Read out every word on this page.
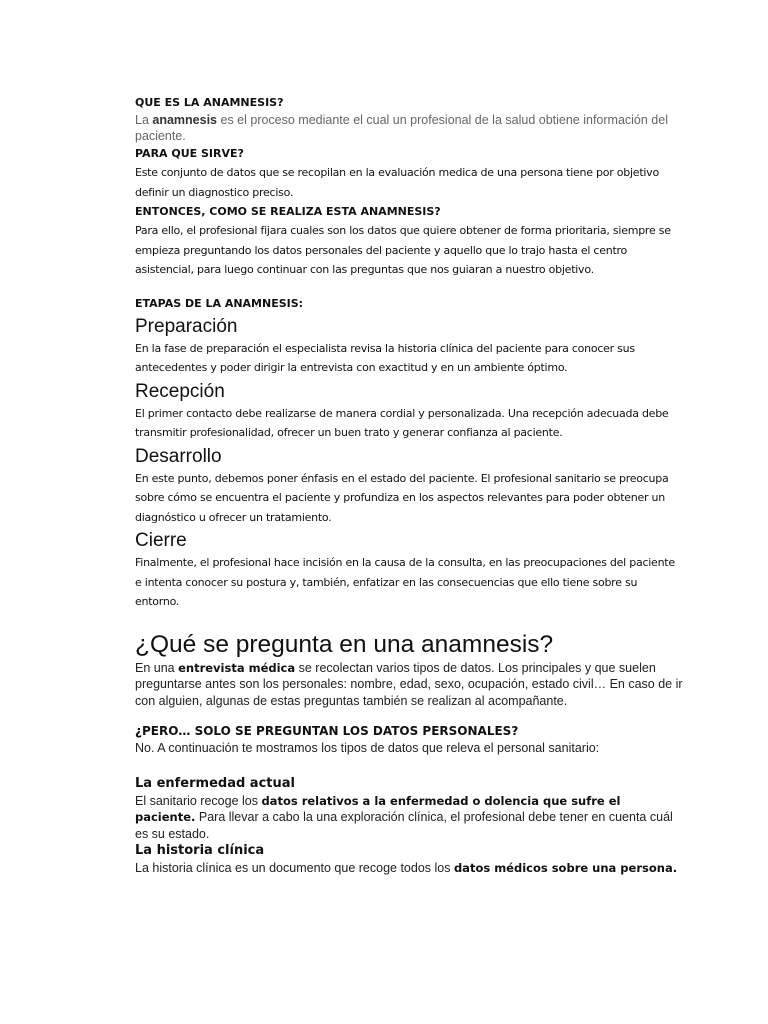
QUE ES LA ANAMNESIS?
La anamnesis es el proceso mediante el cual un profesional de la salud obtiene información del paciente.
PARA QUE SIRVE?
Este conjunto de datos que se recopilan en la evaluación medica de una persona tiene por objetivo definir un diagnostico preciso.
ENTONCES, COMO SE REALIZA ESTA ANAMNESIS?
Para ello, el profesional fijara cuales son los datos que quiere obtener de forma prioritaria, siempre se empieza preguntando los datos personales del paciente y aquello que lo trajo hasta el centro asistencial, para luego continuar con las preguntas que nos guiaran a nuestro objetivo.
ETAPAS DE LA ANAMNESIS:
Preparación
En la fase de preparación el especialista revisa la historia clínica del paciente para conocer sus antecedentes y poder dirigir la entrevista con exactitud y en un ambiente óptimo.
Recepción
El primer contacto debe realizarse de manera cordial y personalizada. Una recepción adecuada debe transmitir profesionalidad, ofrecer un buen trato y generar confianza al paciente.
Desarrollo
En este punto, debemos poner énfasis en el estado del paciente. El profesional sanitario se preocupa sobre cómo se encuentra el paciente y profundiza en los aspectos relevantes para poder obtener un diagnóstico u ofrecer un tratamiento.
Cierre
Finalmente, el profesional hace incisión en la causa de la consulta, en las preocupaciones del paciente e intenta conocer su postura y, también, enfatizar en las consecuencias que ello tiene sobre su entorno.
¿Qué se pregunta en una anamnesis?
En una entrevista médica se recolectan varios tipos de datos. Los principales y que suelen preguntarse antes son los personales: nombre, edad, sexo, ocupación, estado civil… En caso de ir con alguien, algunas de estas preguntas también se realizan al acompañante.
¿PERO… SOLO SE PREGUNTAN LOS DATOS PERSONALES?
No. A continuación te mostramos los tipos de datos que releva el personal sanitario:
La enfermedad actual
El sanitario recoge los datos relativos a la enfermedad o dolencia que sufre el paciente. Para llevar a cabo la una exploración clínica, el profesional debe tener en cuenta cuál es su estado.
La historia clínica
La historia clínica es un documento que recoge todos los datos médicos sobre una persona.
